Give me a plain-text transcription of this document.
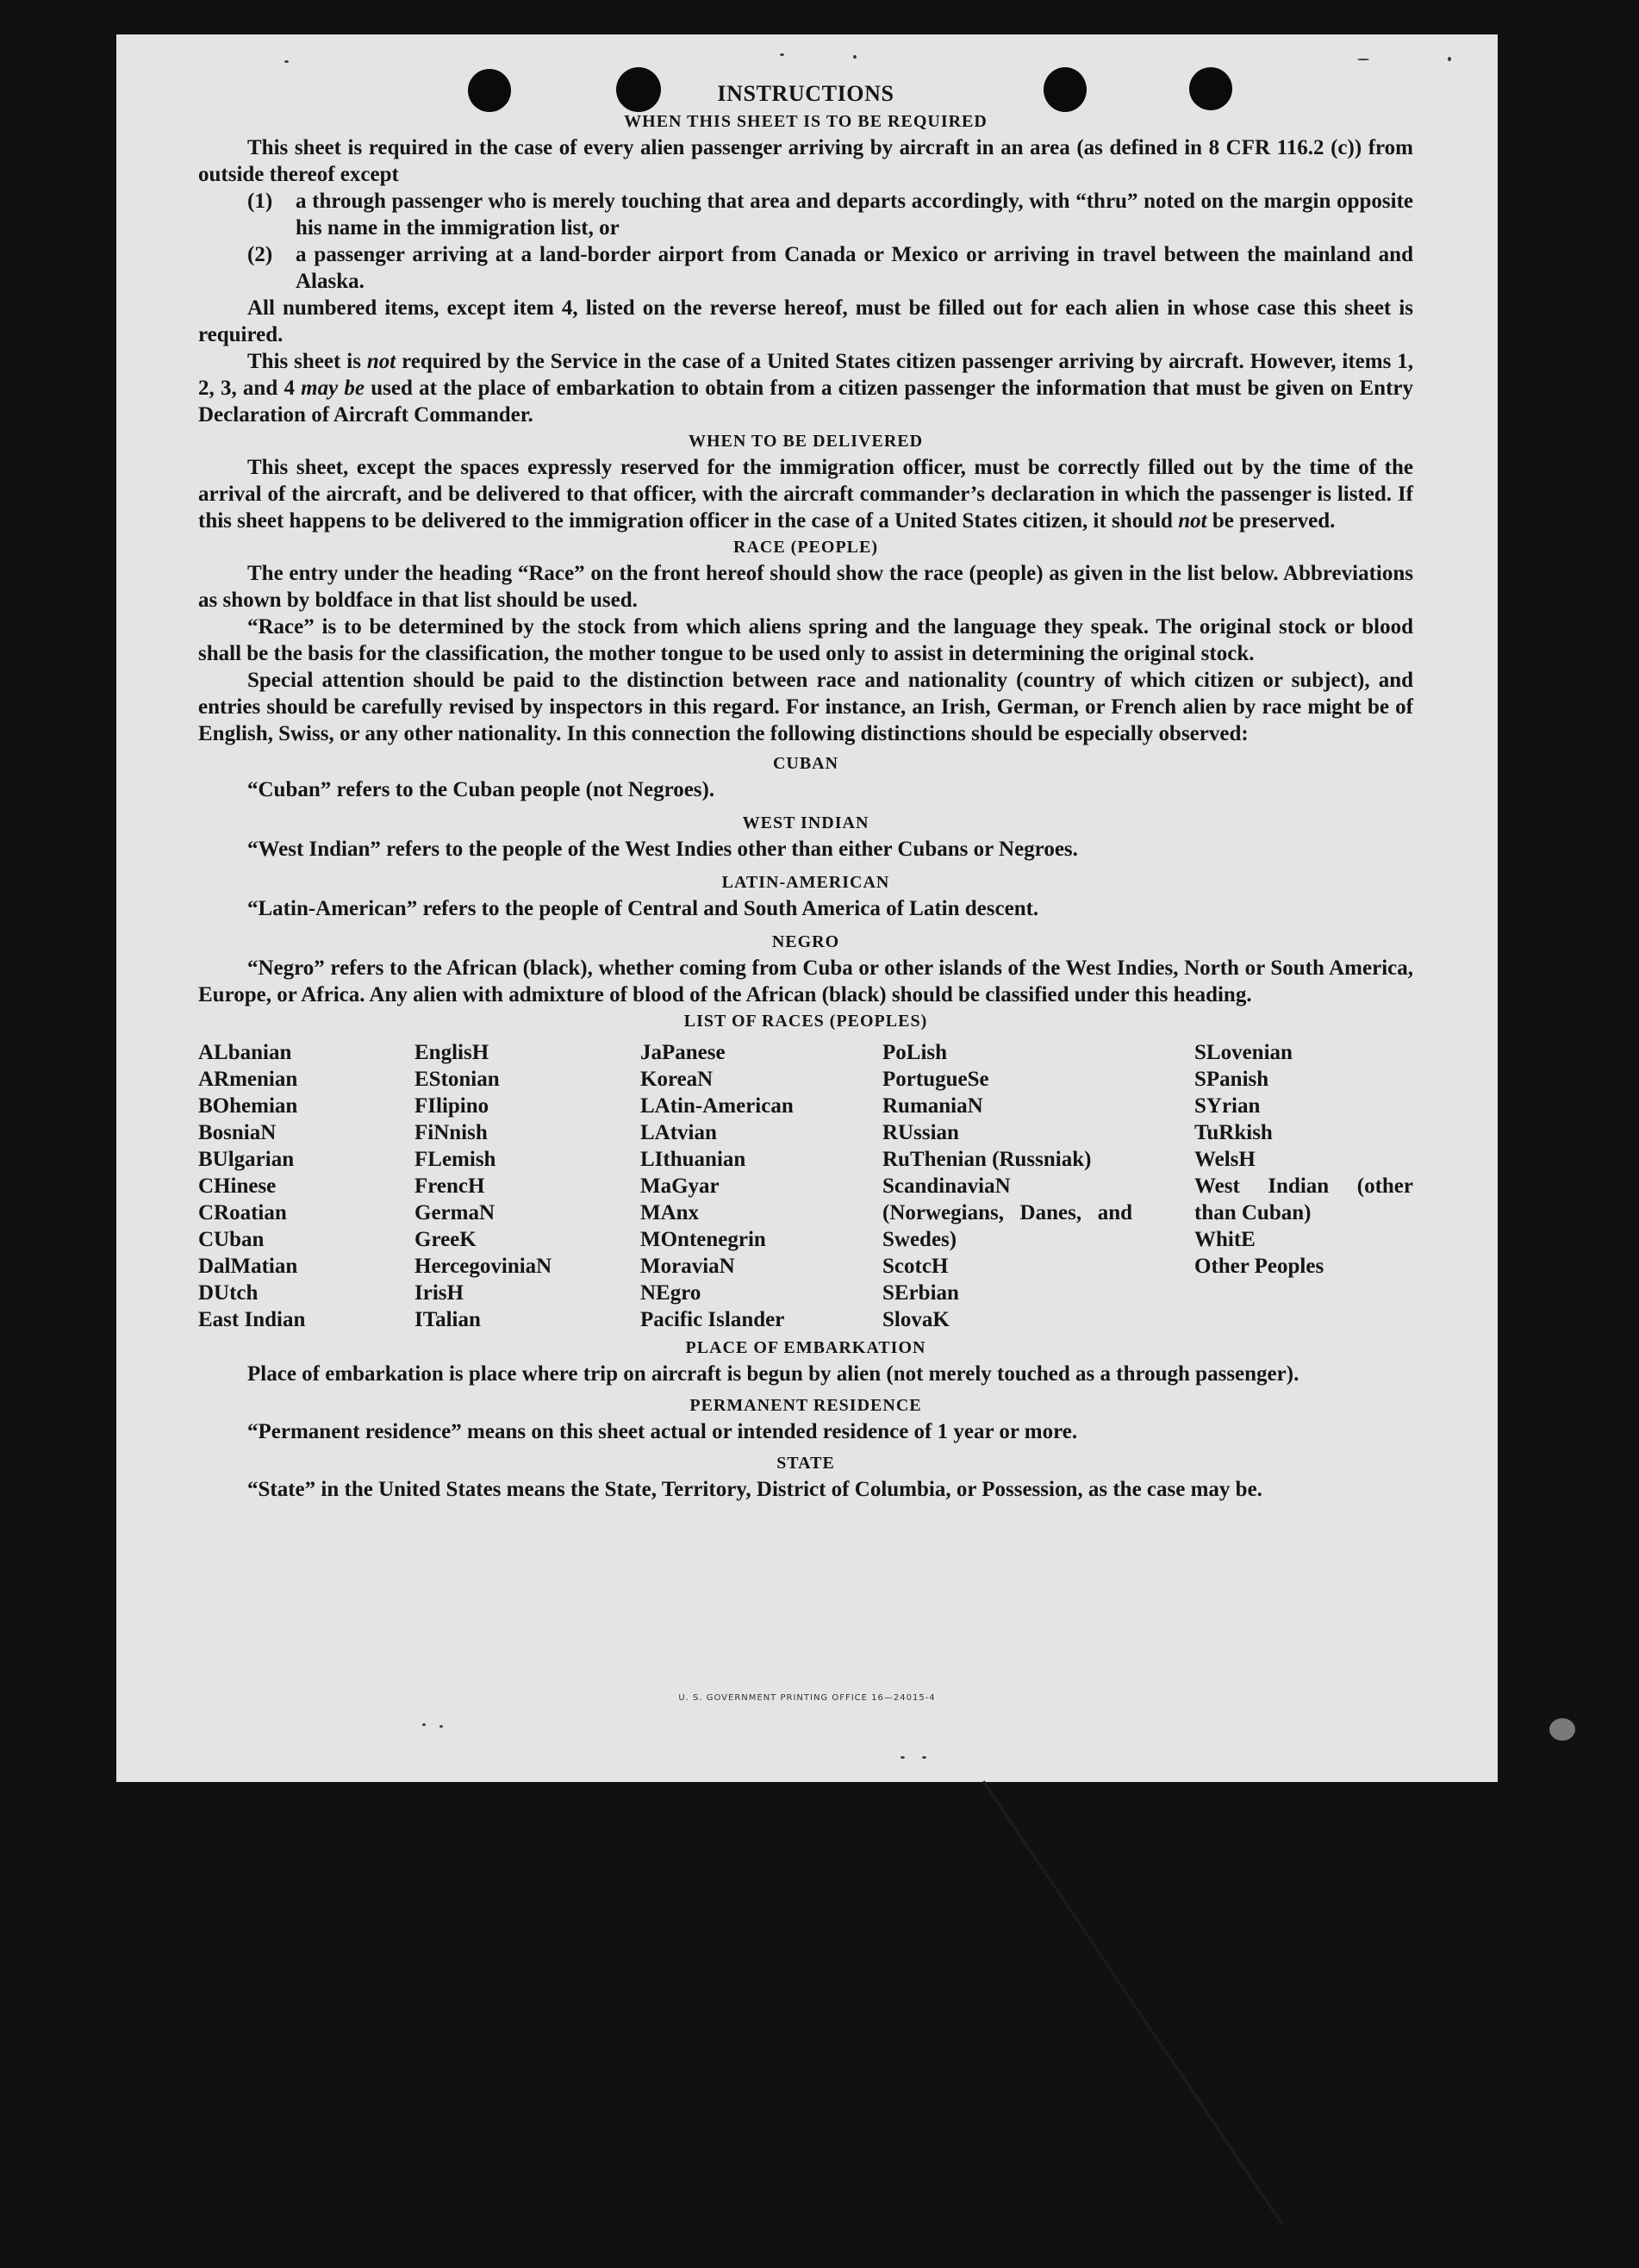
INSTRUCTIONS
WHEN THIS SHEET IS TO BE REQUIRED

This sheet is required in the case of every alien passenger arriving by aircraft in an area (as defined in 8 CFR 116.2 (c)) from outside thereof except

(1)	a through passenger who is merely touching that area and departs accordingly, with “thru” noted on the margin opposite his name in the immigration list, or
(2)	a passenger arriving at a land-border airport from Canada or Mexico or arriving in travel between the mainland and Alaska.

All numbered items, except item 4, listed on the reverse hereof, must be filled out for each alien in whose case this sheet is required.

This sheet is not required by the Service in the case of a United States citizen passenger arriving by aircraft. However, items 1, 2, 3, and 4 may be used at the place of embarkation to obtain from a citizen passenger the information that must be given on Entry Declaration of Aircraft Commander.

WHEN TO BE DELIVERED

This sheet, except the spaces expressly reserved for the immigration officer, must be correctly filled out by the time of the arrival of the aircraft, and be delivered to that officer, with the aircraft commander’s declaration in which the passenger is listed. If this sheet happens to be delivered to the immigration officer in the case of a United States citizen, it should not be preserved.

RACE (PEOPLE)

The entry under the heading “Race” on the front hereof should show the race (people) as given in the list below. Abbreviations as shown by boldface in that list should be used.

“Race” is to be determined by the stock from which aliens spring and the language they speak. The original stock or blood shall be the basis for the classification, the mother tongue to be used only to assist in determining the original stock.

Special attention should be paid to the distinction between race and nationality (country of which citizen or subject), and entries should be carefully revised by inspectors in this regard. For instance, an Irish, German, or French alien by race might be of English, Swiss, or any other nationality. In this connection the following distinctions should be especially observed:

CUBAN

“Cuban” refers to the Cuban people (not Negroes).

WEST INDIAN

“West Indian” refers to the people of the West Indies other than either Cubans or Negroes.

LATIN-AMERICAN

“Latin-American” refers to the people of Central and South America of Latin descent.

NEGRO

“Negro” refers to the African (black), whether coming from Cuba or other islands of the West Indies, North or South America, Europe, or Africa. Any alien with admixture of blood of the African (black) should be classified under this heading.

LIST OF RACES (PEOPLES)
ALbanian
ARmenian
BOhemian
BosniaN
BUlgarian
CHinese
CRoatian
CUban
DalMatian
DUtch
East Indian
EnglisH
EStonian
FIlipino
FiNnish
FLemish
FrencH
GermaN
GreeK
HercegoviniaN
IrisH
ITalian
JaPanese
KoreaN
LAtin-American
LAtvian
LIthuanian
MaGyar
MAnx
MOntenegrin
MoraviaN
NEgro
Pacific Islander
PoLish
PortugueSe
RumaniaN
RUssian
RuThenian (Russniak)
ScandinaviaN (Norwegians, Danes, and Swedes)
ScotcH
SErbian
SlovaK
SLovenian
SPanish
SYrian
TuRkish
WelsH
West Indian (other than Cuban)
WhitE
Other Peoples
PLACE OF EMBARKATION

Place of embarkation is place where trip on aircraft is begun by alien (not merely touched as a through passenger).

PERMANENT RESIDENCE

“Permanent residence” means on this sheet actual or intended residence of 1 year or more.

STATE

“State” in the United States means the State, Territory, District of Columbia, or Possession, as the case may be.

U. S. GOVERNMENT PRINTING OFFICE 16—24015-4
